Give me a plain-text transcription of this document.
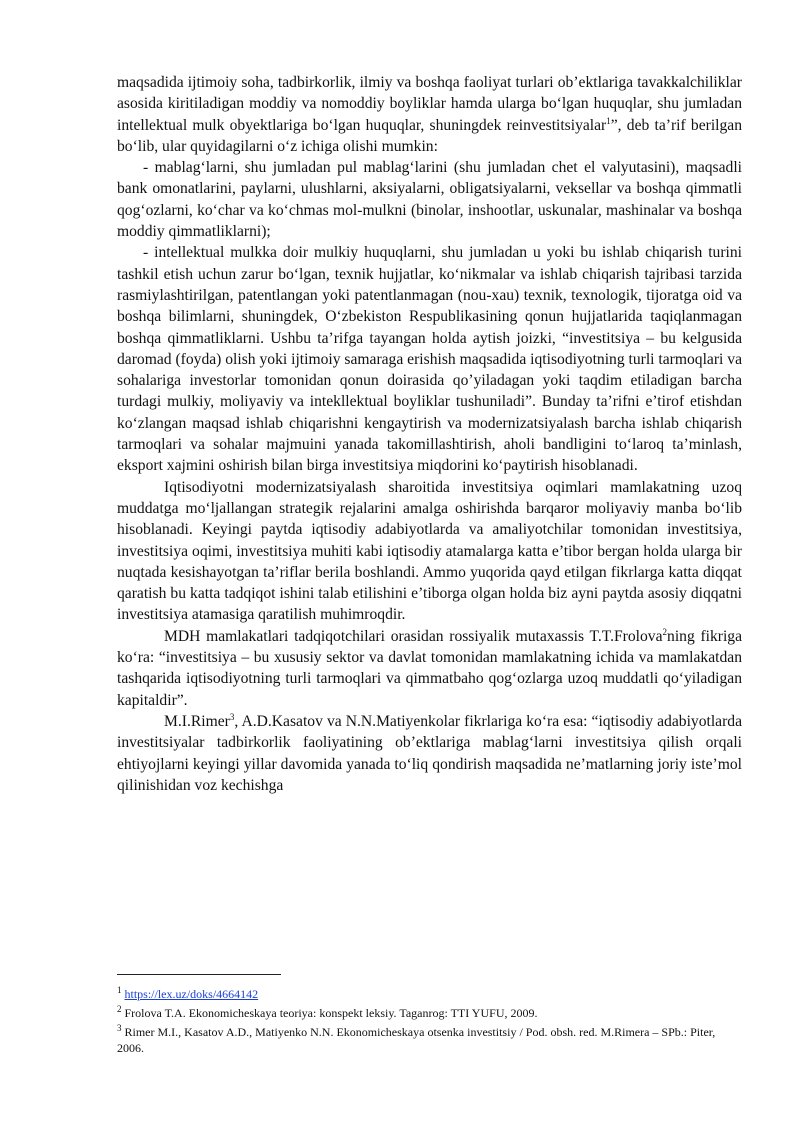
maqsadida ijtimoiy soha, tadbirkorlik, ilmiy va boshqa faoliyat turlari ob’ektlariga tavakkalchiliklar asosida kiritiladigan moddiy va nomoddiy boyliklar hamda ularga bo‘lgan huquqlar, shu jumladan intellektual mulk obyektlariga bo‘lgan huquqlar, shuningdek reinvestitsiyalar$^1$”, deb ta’rif berilgan bo‘lib, ular quyidagilarni o‘z ichiga olishi mumkin:

- mablag‘larni, shu jumladan pul mablag‘larini (shu jumladan chet el valyutasini), maqsadli bank omonatlarini, paylarni, ulushlarni, aksiyalarni, obligatsiyalarni, veksellar va boshqa qimmatli qog‘ozlarni, ko‘char va ko‘chmas mol-mulkni (binolar, inshootlar, uskunalar, mashinalar va boshqa moddiy qimmatliklarni);

- intellektual mulkka doir mulkiy huquqlarni, shu jumladan u yoki bu ishlab chiqarish turini tashkil etish uchun zarur bo‘lgan, texnik hujjatlar, ko‘nikmalar va ishlab chiqarish tajribasi tarzida rasmiylashtirilgan, patentlangan yoki patentlanmagan (nou-xau) texnik, texnologik, tijoratga oid va boshqa bilimlarni, shuningdek, O‘zbekiston Respublikasining qonun hujjatlarida taqiqlanmagan boshqa qimmatliklarni. Ushbu ta’rifga tayangan holda aytish joizki, “investitsiya – bu kelgusida daromad (foyda) olish yoki ijtimoiy samaraga erishish maqsadida iqtisodiyotning turli tarmoqlari va sohalariga investorlar tomonidan qonun doirasida qo’yiladagan yoki taqdim etiladigan barcha turdagi mulkiy, moliyaviy va intekllektual boyliklar tushuniladi”. Bunday ta’rifni e’tirof etishdan ko‘zlangan maqsad ishlab chiqarishni kengaytirish va modernizatsiyalash barcha ishlab chiqarish tarmoqlari va sohalar majmuini yanada takomillashtirish, aholi bandligini to‘laroq ta’minlash, eksport xajmini oshirish bilan birga investitsiya miqdorini ko‘paytirish hisoblanadi.

Iqtisodiyotni modernizatsiyalash sharoitida investitsiya oqimlari mamlakatning uzoq muddatga mo‘ljallangan strategik rejalarini amalga oshirishda barqaror moliyaviy manba bo‘lib hisoblanadi. Keyingi paytda iqtisodiy adabiyotlarda va amaliyotchilar tomonidan investitsiya, investitsiya oqimi, investitsiya muhiti kabi iqtisodiy atamalarga katta e’tibor bergan holda ularga bir nuqtada kesishayotgan ta’riflar berila boshlandi. Ammo yuqorida qayd etilgan fikrlarga katta diqqat qaratish bu katta tadqiqot ishini talab etilishini e’tiborga olgan holda biz ayni paytda asosiy diqqatni investitsiya atamasiga qaratilish muhimroqdir.

MDH mamlakatlari tadqiqotchilari orasidan rossiyalik mutaxassis T.T.Frolova$^2$ning fikriga ko‘ra: “investitsiya – bu xususiy sektor va davlat tomonidan mamlakatning ichida va mamlakatdan tashqarida iqtisodiyotning turli tarmoqlari va qimmatbaho qog‘ozlarga uzoq muddatli qo‘yiladigan kapitaldir”.

M.I.Rimer$^3$, A.D.Kasatov va N.N.Matiyenkolar fikrlariga ko‘ra esa: “iqtisodiy adabiyotlarda investitsiyalar tadbirkorlik faoliyatining ob’ektlariga mablag‘larni investitsiya qilish orqali ehtiyojlarni keyingi yillar davomida yanada to‘liq qondirish maqsadida ne’matlarning joriy iste’mol qilinishidan voz kechishga

$^1$ https://lex.uz/doks/4664142

$^2$ Frolova T.A. Ekonomicheskaya teoriya: konspekt leksiy. Taganrog: TTI YUFU, 2009.

$^3$ Rimer M.I., Kasatov A.D., Matiyenko N.N. Ekonomicheskaya otsenka investitsiy / Pod. obsh. red. M.Rimera – SPb.: Piter, 2006.
